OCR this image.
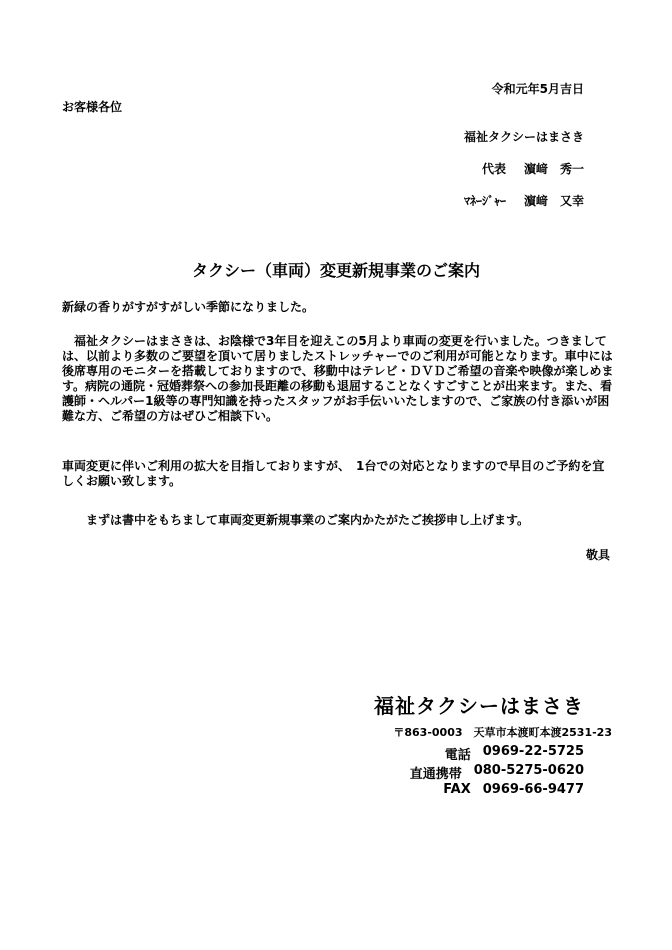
令和元年5月吉日
お客様各位
福祉タクシーはまさき
代表 濵﨑　秀一
ﾏﾈｰｼﾞｬｰ 濵﨑　又幸
タクシー（車両）変更新規事業のご案内

新緑の香りがすがすがしい季節になりました。

福祉タクシーはまさきは、お陰様で3年目を迎えこの5月より車両の変更を行いました。つきましては、以前より多数のご要望を頂いて居りましたストレッチャーでのご利用が可能となります。車中には後席専用のモニターを搭載しておりますので、移動中はテレビ・ＤＶＤご希望の音楽や映像が楽しめます。病院の通院・冠婚葬祭への参加長距離の移動も退屈することなくすごすことが出来ます。また、看護師・ヘルパー1級等の専門知識を持ったスタッフがお手伝いいたしますので、ご家族の付き添いが困難な方、ご希望の方はぜひご相談下い。

車両変更に伴いご利用の拡大を目指しておりますが、　1台での対応となりますので早目のご予約を宜しくお願い致します。

まずは書中をもちまして車両変更新規事業のご案内かたがたご挨拶申し上げます。

敬具
福祉タクシーはまさき
〒863-0003　天草市本渡町本渡2531-23
電話 0969-22-5725
直通携帯 080-5275-0620
FAX 0969-66-9477
